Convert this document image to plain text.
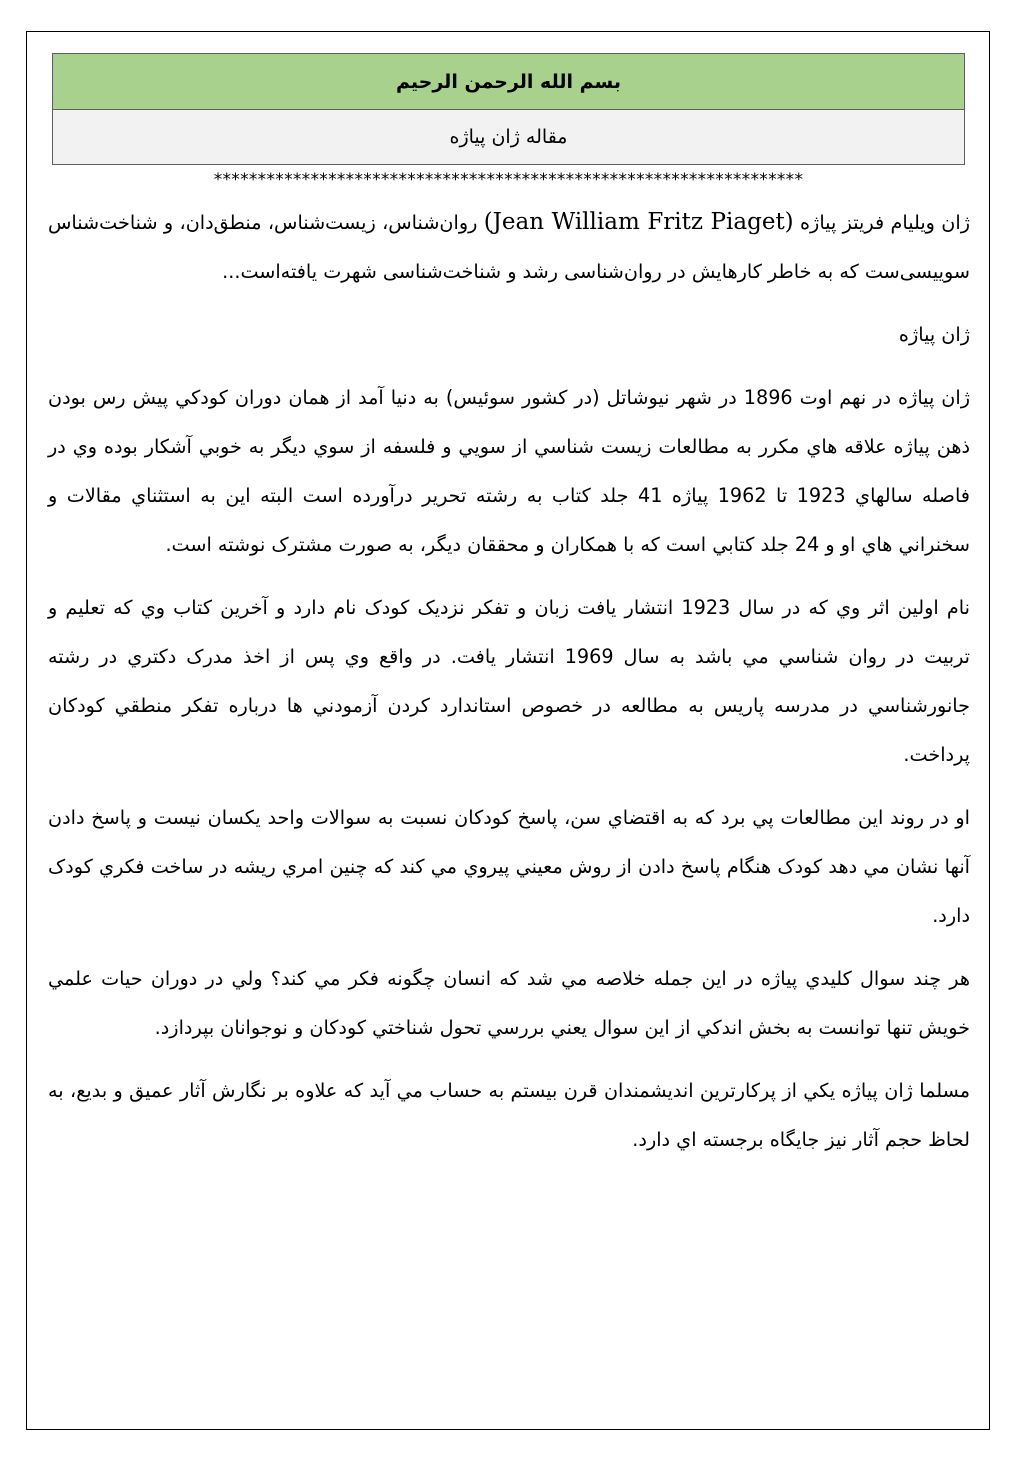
بسم الله الرحمن الرحيم
مقاله ژان پیاژه
*******************************************************************

ژان ویلیام فریتز پیاژه (Jean William Fritz Piaget) روان‌شناس، زیست‌شناس، منطق‌دان، و شناخت‌شناس سوییسی‌ست که به خاطر کارهایش در روان‌شناسی رشد و شناخت‌شناسی شهرت یافته‌است...

ژان پیاژه

ژان پیاژه در نهم اوت 1896 در شهر نیوشاتل (در کشور سوئیس) به دنیا آمد از همان دوران کودکي پیش رس بودن ذهن پیاژه علاقه هاي مکرر به مطالعات زیست شناسي از سويي و فلسفه از سوي دیگر به خوبي آشکار بوده وي در فاصله سالهاي 1923 تا 1962 پیاژه 41 جلد کتاب به رشته تحریر درآورده است البته این به استثناي مقالات و سخنراني هاي او و 24 جلد کتابي است که با همکاران و محققان دیگر، به صورت مشترک نوشته است.

نام اولین اثر وي که در سال 1923 انتشار یافت زبان و تفکر نزدیک کودک نام دارد و آخرین کتاب وي که تعلیم و تربیت در روان شناسي مي باشد به سال 1969 انتشار یافت. در واقع وي پس از اخذ مدرک دکتري در رشته جانورشناسي در مدرسه پاریس به مطالعه در خصوص استاندارد کردن آزمودني ها درباره تفکر منطقي کودکان پرداخت.

او در روند این مطالعات پي برد که به اقتضاي سن، پاسخ کودکان نسبت به سوالات واحد یکسان نیست و پاسخ دادن آنها نشان مي دهد کودک هنگام پاسخ دادن از روش معیني پیروي مي کند که چنین امري ریشه در ساخت فکري کودک دارد.

هر چند سوال کلیدي پیاژه در این جمله خلاصه مي شد که انسان چگونه فکر مي کند؟ ولي در دوران حیات علمي خویش تنها توانست به بخش اندکي از این سوال یعني بررسي تحول شناختي کودکان و نوجوانان بپردازد.

مسلما ژان پیاژه یکي از پرکارترین اندیشمندان قرن بیستم به حساب مي آید که علاوه بر نگارش آثار عمیق و بدیع، به لحاظ حجم آثار نیز جایگاه برجسته اي دارد.
